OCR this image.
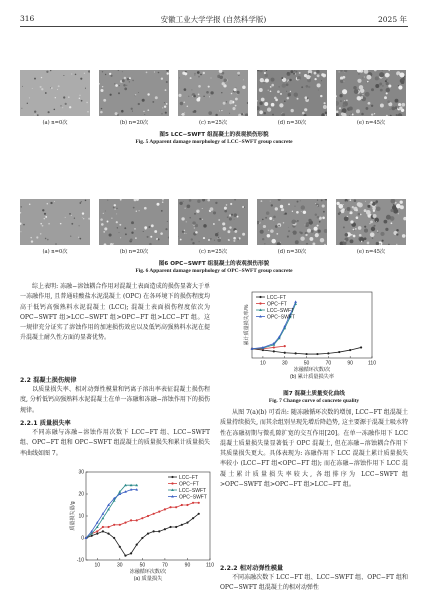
316	安徽工业大学学报 (自然科学版)	2025 年
(a) n=0次	(b) n=20次	(c) n=25次	(d) n=30次	(e) n=45次
图5 LCC−SWFT 组混凝土的表观损伤形貌
Fig. 5 Apparent damage morphology of LCC−SWFT group concrete
(a) n=0次	(b) n=20次	(c) n=25次	(d) n=30次	(e) n=45次
图6 OPC−SWFT 组混凝土的表观损伤形貌
Fig. 6 Apparent damage morphology of OPC−SWFT group concrete
综上表明: 冻融−溶蚀耦合作用对混凝土表面造成的损伤显著大于单一冻融作用, 且普通硅酸盐水泥混凝土 (OPC) 在各环境下的损伤程度均高于低钙高强熟料水泥混凝土 (LCC); 混凝土表面损伤程度依次为 OPC−SWFT 组>LCC−SWFT 组>OPC−FT 组>LCC−FT 组。这一规律充分证实了溶蚀作用的加速损伤效应以及低钙高强熟料水泥在提升混凝土耐久性方面的显著优势。
2.2 混凝土损伤规律
以质量损失率、相对动弹性模量和钙离子溶出率表征混凝土损伤程度, 分析低钙高强熟料水泥混凝土在单一冻融和冻融−溶蚀作用下的损伤规律。
2.2.1 质量损失率
不同冻融与冻融−溶蚀作用次数下 LCC−FT 组、LCC−SWFT 组、OPC−FT 组和 OPC−SWFT 组混凝土的质量损失和累计质量损失率曲线如图 7。
10	30	50	70	90	110
-10
0
10
20
30
冻融循环次数/次
质量损失量/g
(a) 质量损失
LCC−FT
OPC−FT
LCC−SWFT
OPC−SWFT
10	30	50	70	90	110
冻融循环次数/次
累计质量损失率/%
(b) 累计质量损失率
LCC−FT
OPC−FT
LCC−SWFT
OPC−SWFT
图7 混凝土质量变化曲线
Fig. 7 Change curve of concrete quality
从图 7(a)(b) 可看出: 随冻融循环次数的增加, LCC−FT 组混凝土质量持续损失, 而其余组别呈现先增后降趋势, 这主要源于混凝土吸水特性在冻融初期与微孔隙扩宽的交互作用[20]。在单一冻融作用下 LCC 混凝土质量损失量显著低于 OPC 混凝土, 但在冻融−溶蚀耦合作用下其质量损失更大。具体表现为: 冻融作用下 LCC 混凝土累计质量损失率较小 (LCC−FT 组<OPC−FT 组); 而在冻融−溶蚀作用下 LCC 混凝土累计质量损失率较大, 各组排序为 LCC−SWFT 组>OPC−SWFT 组>OPC−FT 组>LCC−FT 组。
2.2.2 相对动弹性模量
不同冻融次数下 LCC−FT 组、LCC−SWFT 组、OPC−FT 组和 OPC−SWFT 组混凝土的相对动弹性
